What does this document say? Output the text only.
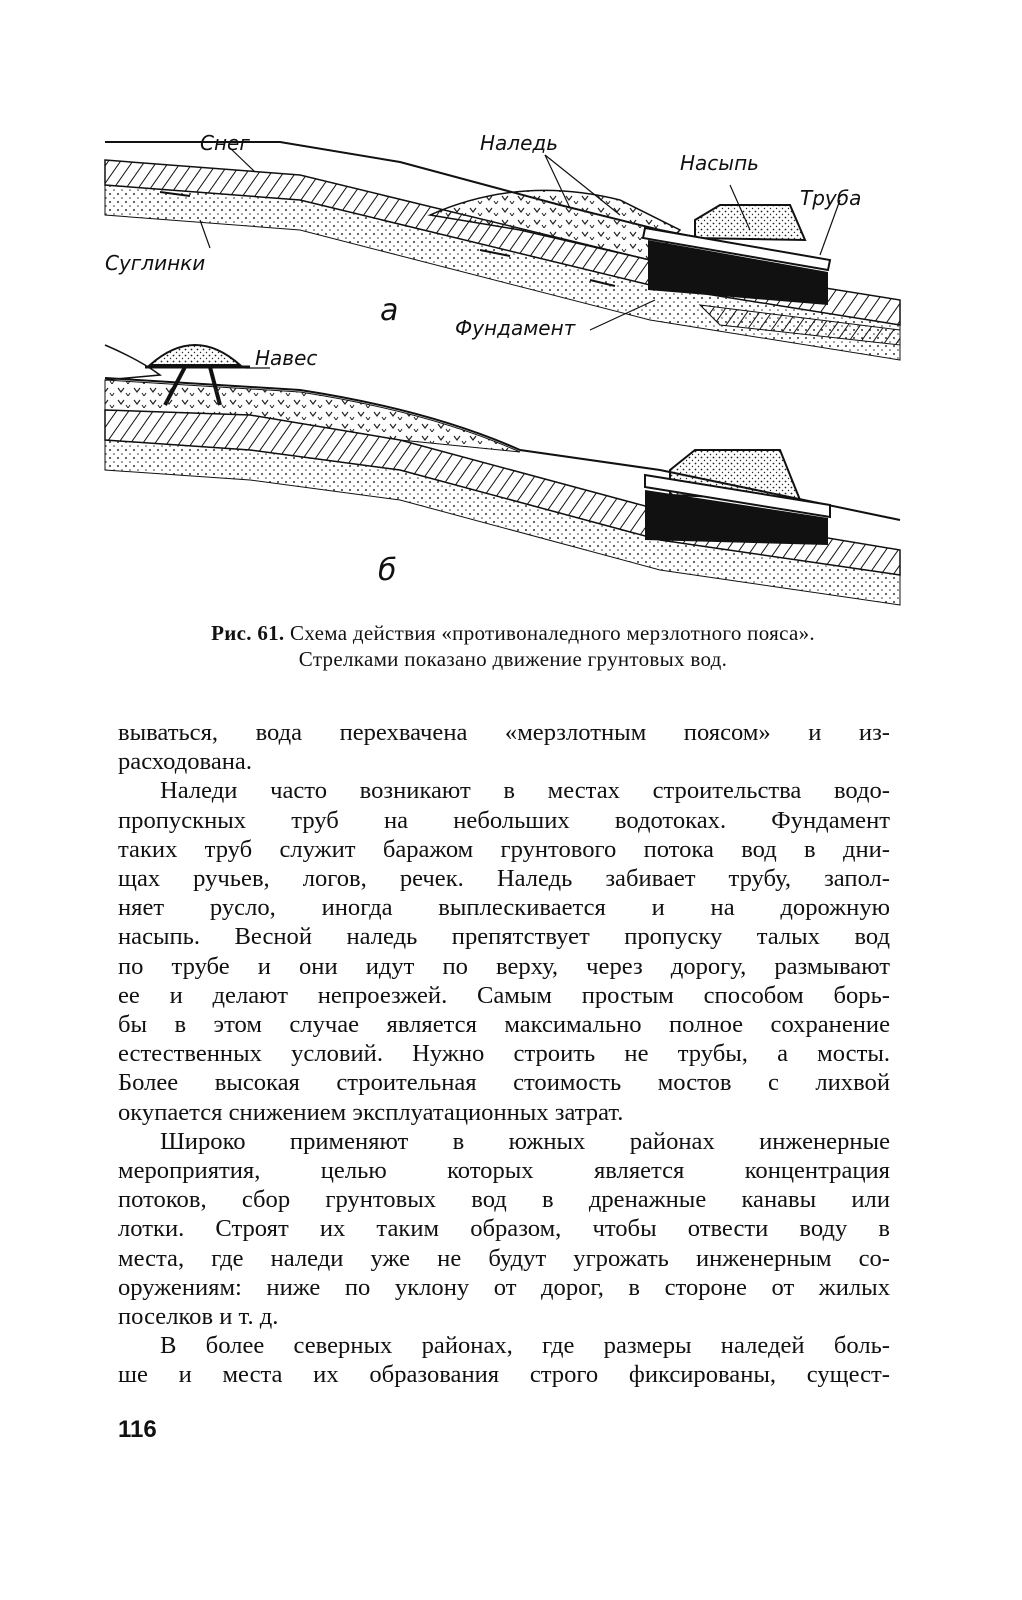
Снег	Наледь
Насыпь
Труба
Суглинки
а	Фундамент
Навес
б
Рис. 61. Схема действия «противоналедного мерзлотного пояса».
Стрелками показано движение грунтовых вод.
вываться, вода перехвачена «мерзлотным поясом» и из-
расходована.
Наледи часто возникают в местах строительства водо-
пропускных труб на небольших водотоках. Фундамент
таких труб служит баражом грунтового потока вод в дни-
щах ручьев, логов, речек. Наледь забивает трубу, запол-
няет русло, иногда выплескивается и на дорожную
насыпь. Весной наледь препятствует пропуску талых вод
по трубе и они идут по верху, через дорогу, размывают
ее и делают непроезжей. Самым простым способом борь-
бы в этом случае является максимально полное сохранение
естественных условий. Нужно строить не трубы, а мосты.
Более высокая строительная стоимость мостов с лихвой
окупается снижением эксплуатационных затрат.
Широко применяют в южных районах инженерные
мероприятия, целью которых является концентрация
потоков, сбор грунтовых вод в дренажные канавы или
лотки. Строят их таким образом, чтобы отвести воду в
места, где наледи уже не будут угрожать инженерным со-
оружениям: ниже по уклону от дорог, в стороне от жилых
поселков и т. д.
В более северных районах, где размеры наледей боль-
ше и места их образования строго фиксированы, сущест-
116
